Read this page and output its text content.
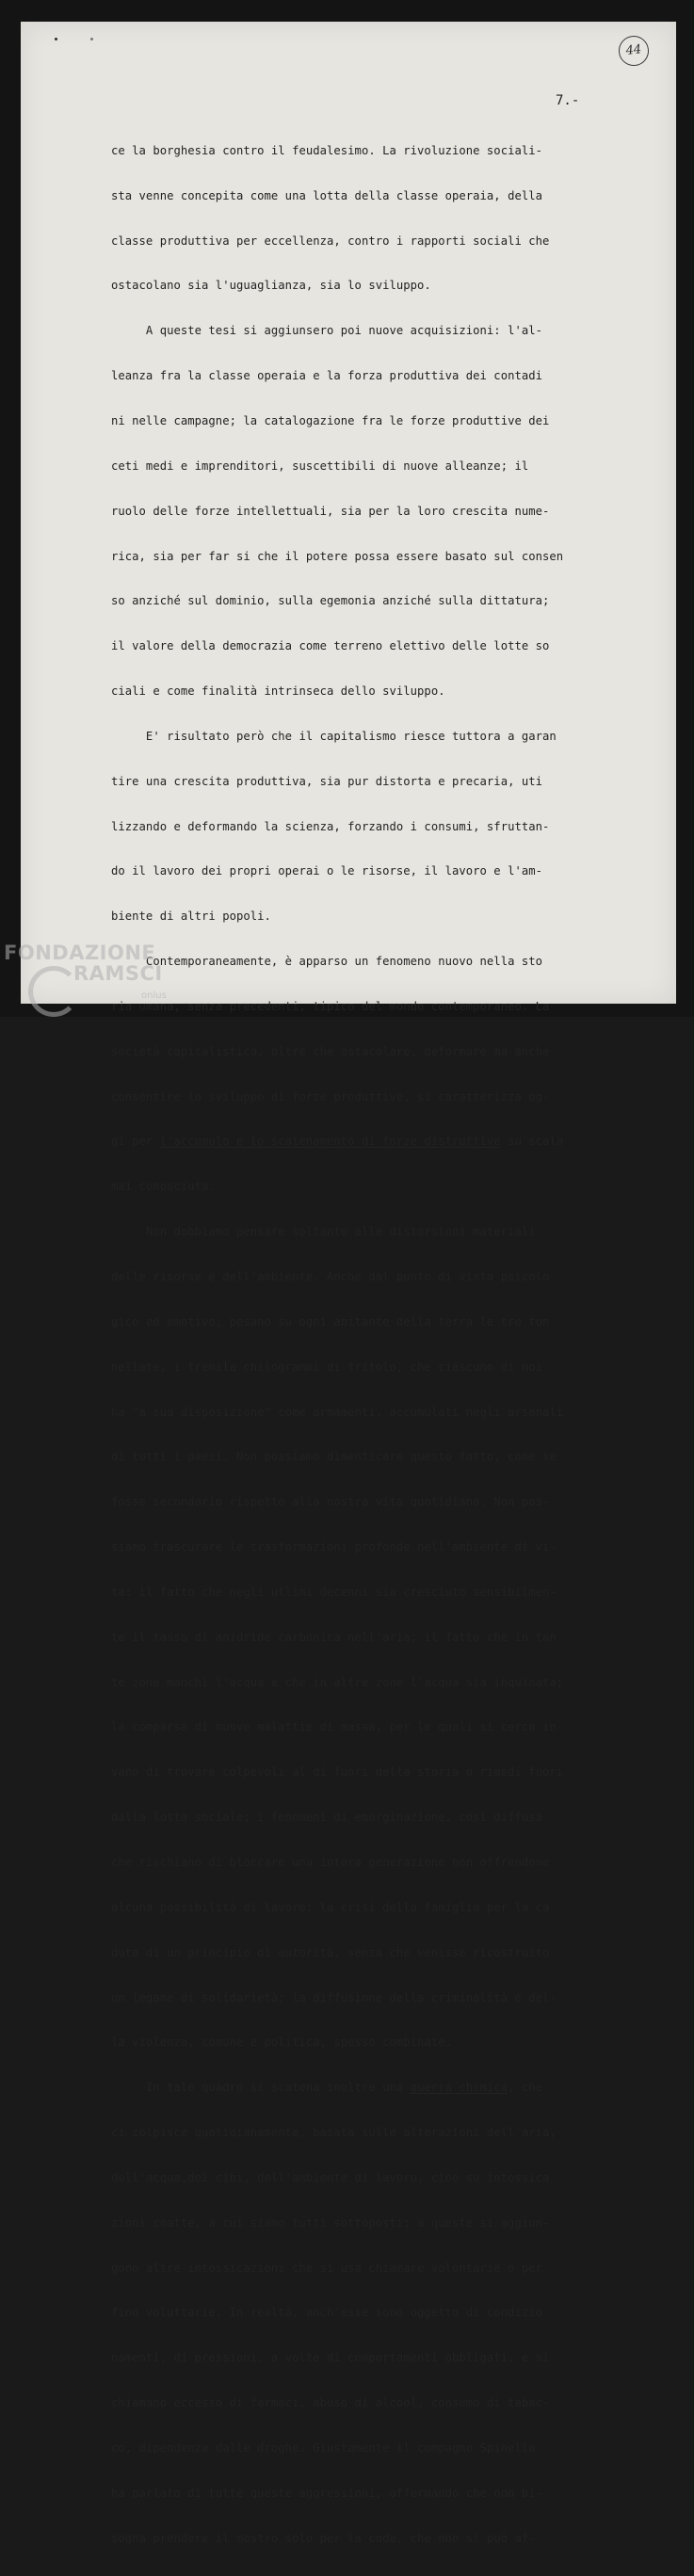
44
7.-

ce la borghesia contro il feudalesimo. La rivoluzione sociali-

sta venne concepita come una lotta della classe operaia, della

classe produttiva per eccellenza, contro i rapporti sociali che

ostacolano sia l'uguaglianza, sia lo sviluppo.

A queste tesi si aggiunsero poi nuove acquisizioni: l'al-

leanza fra la classe operaia e la forza produttiva dei contadi

ni nelle campagne; la catalogazione fra le forze produttive dei

ceti medi e imprenditori, suscettibili di nuove alleanze; il

ruolo delle forze intellettuali, sia per la loro crescita nume-

rica, sia per far si che il potere possa essere basato sul consen

so anziché sul dominio, sulla egemonia anziché sulla dittatura;

il valore della democrazia come terreno elettivo delle lotte so

ciali e come finalità intrinseca dello sviluppo.

E' risultato però che il capitalismo riesce tuttora a garan

tire una crescita produttiva, sia pur distorta e precaria, uti

lizzando e deformando la scienza, forzando i consumi, sfruttan-

do il lavoro dei propri operai o le risorse, il lavoro e l'am-

biente di altri popoli.

Contemporaneamente, è apparso un fenomeno nuovo nella sto

ria umana, senza precedenti, tipico del mondo contemporaneo. La

società capitalistica, oltre che ostacolare, deformare ma anche

consentire lo sviluppo di forze produttive, si caratterizza og-

gi per l'accumulo e lo scatenamento di forze distruttive su scala

mai conosciuta.

Non dobbiamo pensare soltanto alle distorsioni materiali

delle risorse e dell'ambiente. Anche dal punto di vista psicolo

gico ed emotivo, pesano su ogni abitante della terra le tre ton

nellate, i tremila chilogrammi di tritolo, che ciascuno di noi

ha "a sua disposizione" come armamenti, accumulati negli arsenali

di tutti i paesi. Non possiamo dimenticare questo fatto, come se

fosse secondario rispetto alla nostra vita quotidiana. Non pos-

siamo trascurare le trasformazioni profonde nell'ambiente di vi-

ta: il fatto che negli utlimi decenni sia cresciuto sensibilmen-

te il tasso di anidride carbonica nell'aria; il fatto che in tan

te zone manchi l'acqua e che in altre zone l'acqua sia inquinata;

la comparsa di nuove malattie di massa, per le quali si cerca in

vano di trovare colpevoli al di fuori della storia o rimedi fuori

dalla lotta sociale; i fenomeni di emarginazione, così diffusa

che rischiano di bloccare una intera generazione non offrendone

alcuna possibilità di lavoro; la crisi della famiglia per la ca

duta di un principio di autorità, senza che venisse ricostruito

un legame di solidarietà; la diffusione della criminalità e del-

la violenza, comune e politica, spesso combinate.

In tale quadro si scatena inoltre una guerra chimica, che

ci colpisce quotidianamente, basata sulle alterazioni dell'aria,

dell'acqua,dei cibi, dell'ambiente di lavoro, cioé su intossica

zioni coatte, a cui siamo tutti sottoposti; a queste si aggiun-

gono altre intossicazioni che si usa chiamare volontarie o per

fino voluttarie. In realtà, anch'esse sono oggetto di condizio

namenti, di pressioni, a volte di comportamenti obbligati, e si

chiamano eccesso di farmaci, abuso di alcool, consumo di tabac-

co, dipendenza dalle droghe. Giustamente il compagno Spinella

ha parlato di tutte queste aggressioni, affermando che non bi-

sogna prendere il mostro solo per la coda, che non si può af-

FONDAZIONE
RAMSCI
onlus
